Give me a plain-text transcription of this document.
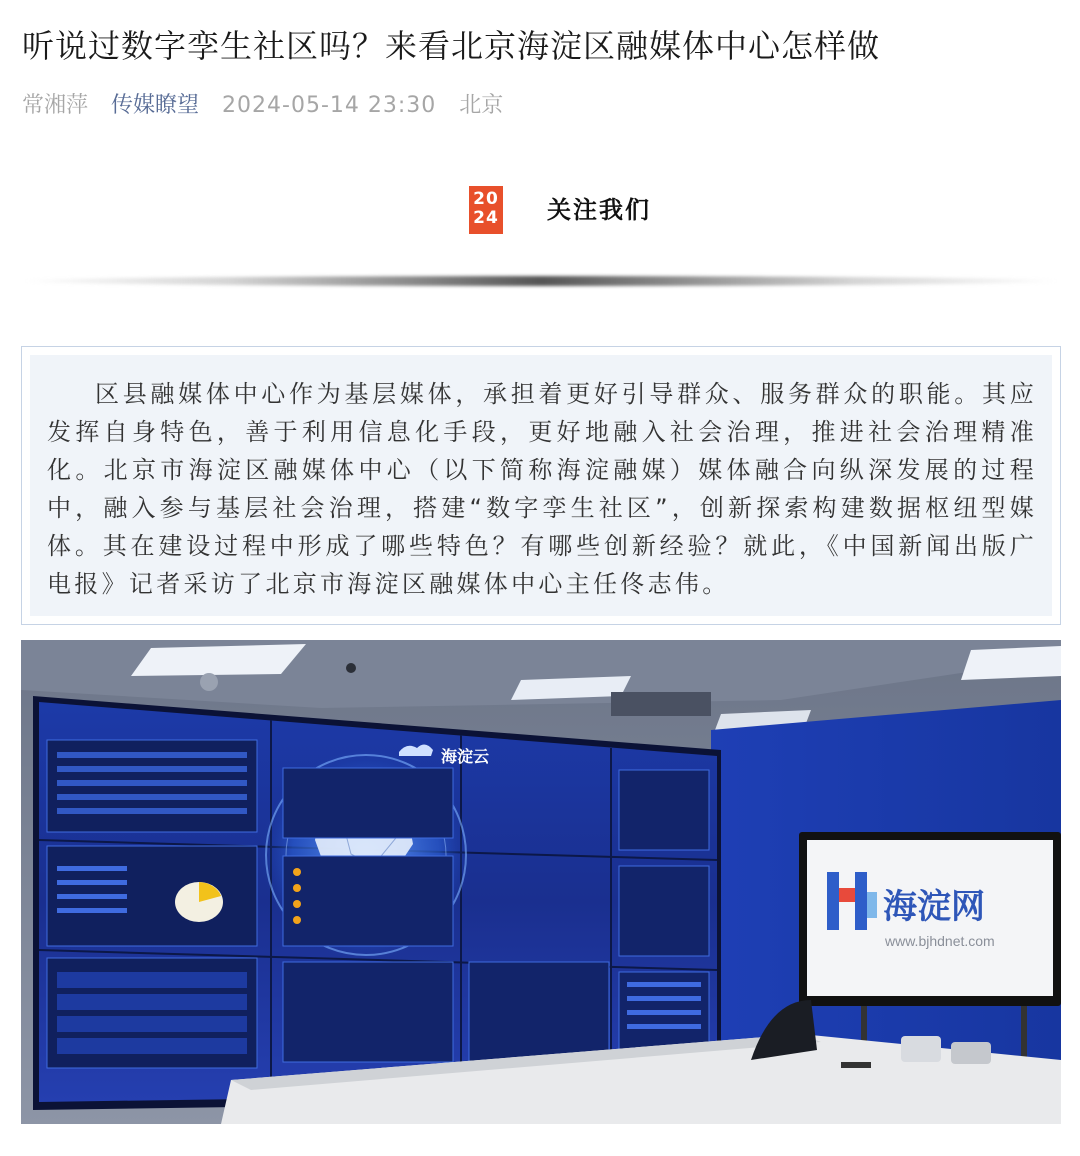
听说过数字孪生社区吗？来看北京海淀区融媒体中心怎样做
常湘萍 传媒瞭望 2024-05-14 23:30 北京
20
24 关注我们

区县融媒体中心作为基层媒体，承担着更好引导群众、服务群众的职能。其应发挥自身特色，善于利用信息化手段，更好地融入社会治理，推进社会治理精准化。北京市海淀区融媒体中心（以下简称海淀融媒）媒体融合向纵深发展的过程中，融入参与基层社会治理，搭建“数字孪生社区”，创新探索构建数据枢纽型媒体。其在建设过程中形成了哪些特色？有哪些创新经验？就此，《中国新闻出版广电报》记者采访了北京市海淀区融媒体中心主任佟志伟。

海淀云
海淀网
www.bjhdnet.com
